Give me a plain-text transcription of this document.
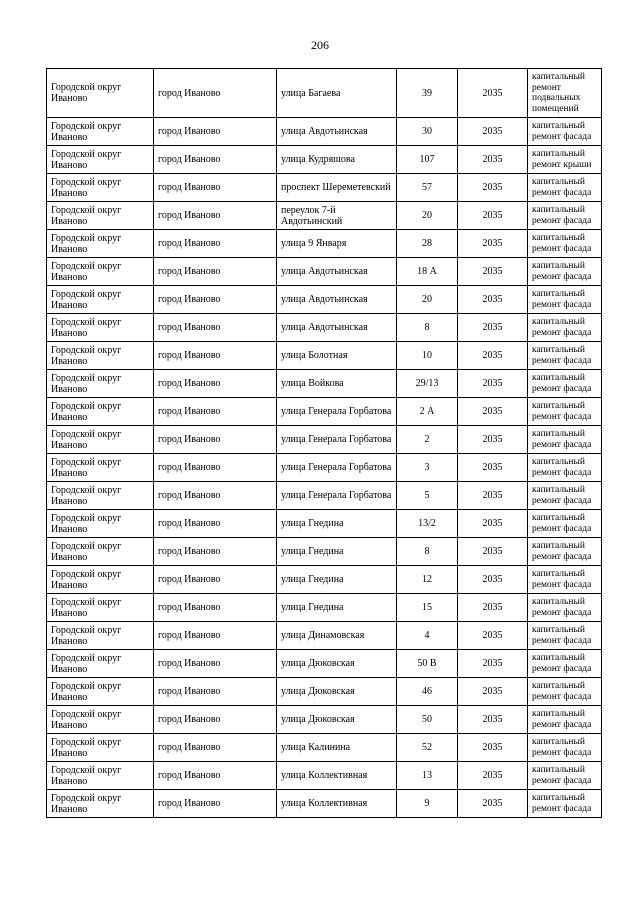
206
Городской округ Иваново	город Иваново	улица Багаева	39	2035	капитальный ремонт подвальных помещений
Городской округ Иваново	город Иваново	улица Авдотьинская	30	2035	капитальный ремонт фасада
Городской округ Иваново	город Иваново	улица Кудряшова	107	2035	капитальный ремонт крыши
Городской округ Иваново	город Иваново	проспект Шереметевский	57	2035	капитальный ремонт фасада
Городской округ Иваново	город Иваново	переулок 7-й Авдотьинский	20	2035	капитальный ремонт фасада
Городской округ Иваново	город Иваново	улица 9 Января	28	2035	капитальный ремонт фасада
Городской округ Иваново	город Иваново	улица Авдотьинская	18 А	2035	капитальный ремонт фасада
Городской округ Иваново	город Иваново	улица Авдотьинская	20	2035	капитальный ремонт фасада
Городской округ Иваново	город Иваново	улица Авдотьинская	8	2035	капитальный ремонт фасада
Городской округ Иваново	город Иваново	улица Болотная	10	2035	капитальный ремонт фасада
Городской округ Иваново	город Иваново	улица Войкова	29/13	2035	капитальный ремонт фасада
Городской округ Иваново	город Иваново	улица Генерала Горбатова	2 А	2035	капитальный ремонт фасада
Городской округ Иваново	город Иваново	улица Генерала Горбатова	2	2035	капитальный ремонт фасада
Городской округ Иваново	город Иваново	улица Генерала Горбатова	3	2035	капитальный ремонт фасада
Городской округ Иваново	город Иваново	улица Генерала Горбатова	5	2035	капитальный ремонт фасада
Городской округ Иваново	город Иваново	улица Гнедина	13/2	2035	капитальный ремонт фасада
Городской округ Иваново	город Иваново	улица Гнедина	8	2035	капитальный ремонт фасада
Городской округ Иваново	город Иваново	улица Гнедина	12	2035	капитальный ремонт фасада
Городской округ Иваново	город Иваново	улица Гнедина	15	2035	капитальный ремонт фасада
Городской округ Иваново	город Иваново	улица Динамовская	4	2035	капитальный ремонт фасада
Городской округ Иваново	город Иваново	улица Дюковская	50 В	2035	капитальный ремонт фасада
Городской округ Иваново	город Иваново	улица Дюковская	46	2035	капитальный ремонт фасада
Городской округ Иваново	город Иваново	улица Дюковская	50	2035	капитальный ремонт фасада
Городской округ Иваново	город Иваново	улица Калинина	52	2035	капитальный ремонт фасада
Городской округ Иваново	город Иваново	улица Коллективная	13	2035	капитальный ремонт фасада
Городской округ Иваново	город Иваново	улица Коллективная	9	2035	капитальный ремонт фасада
